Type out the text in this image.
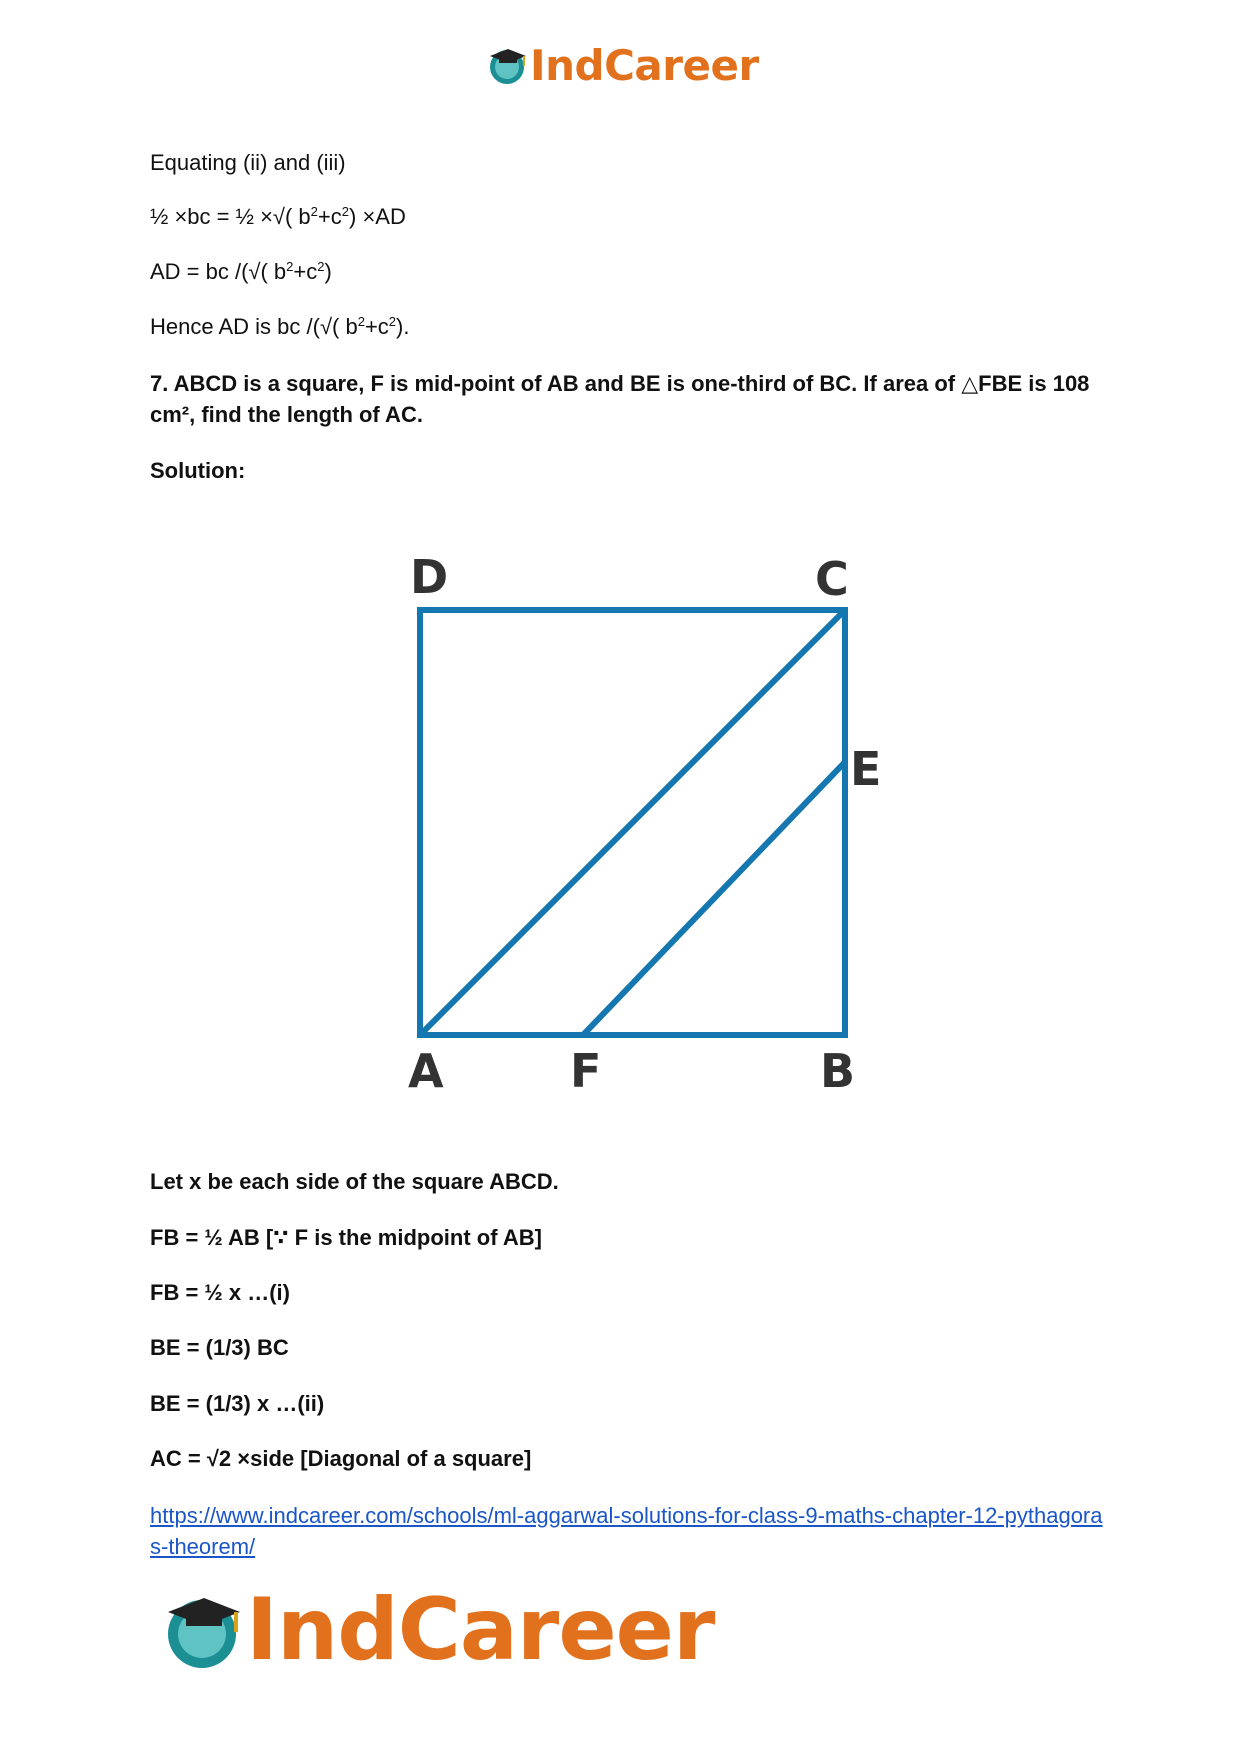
IndCareer
Equating (ii) and (iii)
½ ×bc = ½ ×√( $b^2+c^2) \times AD$
AD = bc /(√( $b^2+c^2$)
Hence AD is bc /(√( $b^2+c^2$).
7. ABCD is a square, F is mid-point of AB and BE is one-third of BC. If area of △FBE is 108 cm², find the length of AC.
Solution:
D	C
E
A	F	B
Let x be each side of the square ABCD.
FB = ½ AB [∵ F is the midpoint of AB]
FB = ½ x …(i)
BE = (1/3) BC
BE = (1/3) x …(ii)
AC = √2 ×side [Diagonal of a square]
https://www.indcareer.com/schools/ml-aggarwal-solutions-for-class-9-maths-chapter-12-pythagoras-theorem/
IndCareer
